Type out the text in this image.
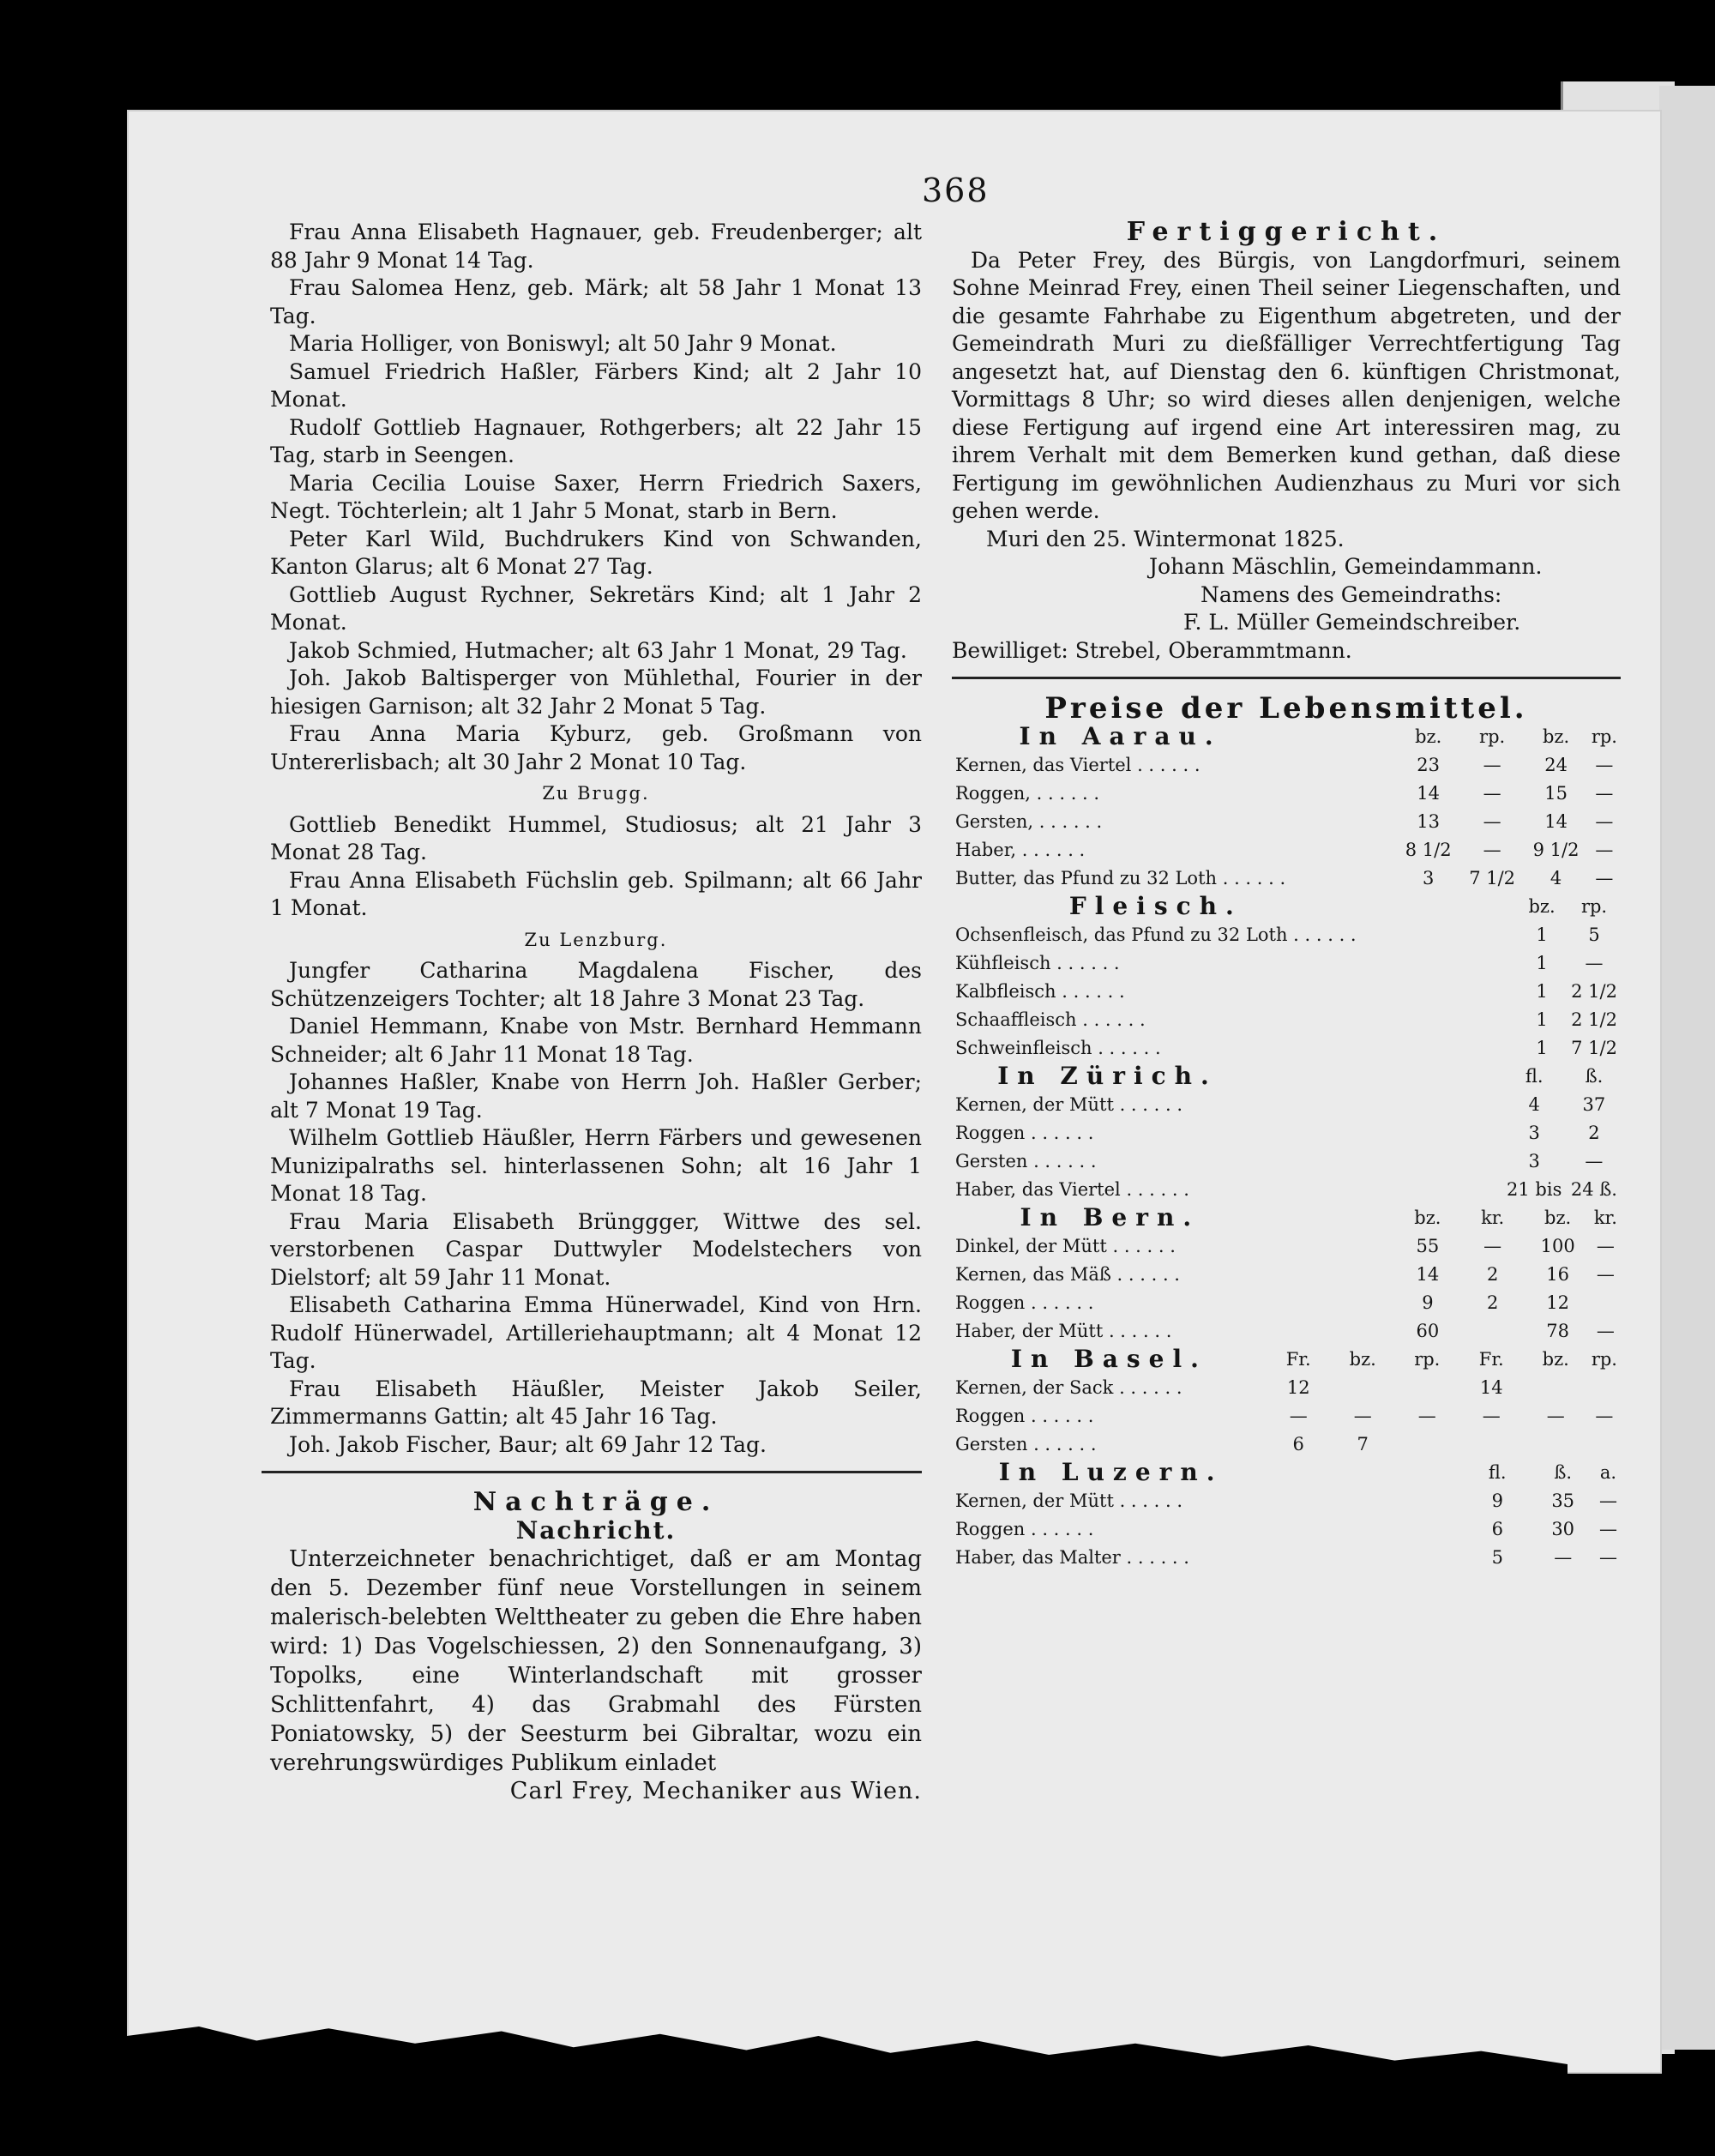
368

Frau Anna Elisabeth Hagnauer, geb. Freudenberger; alt 88 Jahr 9 Monat 14 Tag.

Frau Salomea Henz, geb. Märk; alt 58 Jahr 1 Monat 13 Tag.

Maria Holliger, von Boniswyl; alt 50 Jahr 9 Monat.

Samuel Friedrich Haßler, Färbers Kind; alt 2 Jahr 10 Monat.

Rudolf Gottlieb Hagnauer, Rothgerbers; alt 22 Jahr 15 Tag, starb in Seengen.

Maria Cecilia Louise Saxer, Herrn Friedrich Saxers, Negt. Töchterlein; alt 1 Jahr 5 Monat, starb in Bern.

Peter Karl Wild, Buchdrukers Kind von Schwanden, Kanton Glarus; alt 6 Monat 27 Tag.

Gottlieb August Rychner, Sekretärs Kind; alt 1 Jahr 2 Monat.

Jakob Schmied, Hutmacher; alt 63 Jahr 1 Monat, 29 Tag.

Joh. Jakob Baltisperger von Mühlethal, Fourier in der hiesigen Garnison; alt 32 Jahr 2 Monat 5 Tag.

Frau Anna Maria Kyburz, geb. Großmann von Untererlisbach; alt 30 Jahr 2 Monat 10 Tag.

Zu Brugg.

Gottlieb Benedikt Hummel, Studiosus; alt 21 Jahr 3 Monat 28 Tag.

Frau Anna Elisabeth Füchslin geb. Spilmann; alt 66 Jahr 1 Monat.

Zu Lenzburg.

Jungfer Catharina Magdalena Fischer, des Schützenzeigers Tochter; alt 18 Jahre 3 Monat 23 Tag.

Daniel Hemmann, Knabe von Mstr. Bernhard Hemmann Schneider; alt 6 Jahr 11 Monat 18 Tag.

Johannes Haßler, Knabe von Herrn Joh. Haßler Gerber; alt 7 Monat 19 Tag.

Wilhelm Gottlieb Häußler, Herrn Färbers und gewesenen Munizipalraths sel. hinterlassenen Sohn; alt 16 Jahr 1 Monat 18 Tag.

Frau Maria Elisabeth Brünggger, Wittwe des sel. verstorbenen Caspar Duttwyler Modelstechers von Dielstorf; alt 59 Jahr 11 Monat.

Elisabeth Catharina Emma Hünerwadel, Kind von Hrn. Rudolf Hünerwadel, Artilleriehauptmann; alt 4 Monat 12 Tag.

Frau Elisabeth Häußler, Meister Jakob Seiler, Zimmermanns Gattin; alt 45 Jahr 16 Tag.

Joh. Jakob Fischer, Baur; alt 69 Jahr 12 Tag.

Nachträge.

Nachricht.

Unterzeichneter benachrichtiget, daß er am Montag den 5. Dezember fünf neue Vorstellungen in seinem malerisch-belebten Welttheater zu geben die Ehre haben wird: 1) Das Vogelschiessen, 2) den Sonnenaufgang, 3) Topolks, eine Winterlandschaft mit grosser Schlittenfahrt, 4) das Grabmahl des Fürsten Poniatowsky, 5) der Seesturm bei Gibraltar, wozu ein verehrungswürdiges Publikum einladet

Carl Frey, Mechaniker aus Wien.

Fertiggericht.

Da Peter Frey, des Bürgis, von Langdorfmuri, seinem Sohne Meinrad Frey, einen Theil seiner Liegenschaften, und die gesamte Fahrhabe zu Eigenthum abgetreten, und der Gemeindrath Muri zu dießfälliger Verrechtfertigung Tag angesetzt hat, auf Dienstag den 6. künftigen Christmonat, Vormittags 8 Uhr; so wird dieses allen denjenigen, welche diese Fertigung auf irgend eine Art interessiren mag, zu ihrem Verhalt mit dem Bemerken kund gethan, daß diese Fertigung im gewöhnlichen Audienzhaus zu Muri vor sich gehen werde.

Muri den 25. Wintermonat 1825.

Johann Mäschlin, Gemeindammann.

Namens des Gemeindraths:

F. L. Müller Gemeindschreiber.

Bewilliget: Strebel, Oberammtmann.

Preise der Lebensmittel.

In Aarau.			bz.	rp.	bz.	rp.
Kernen, das Viertel . . . . . .			23	—	24	—
Roggen, . . . . . .			14	—	15	—
Gersten, . . . . . .			13	—	14	—
Haber, . . . . . .			8 1/2	—	9 1/2	—
Butter, das Pfund zu 32 Loth . . . . . .			3	7 1/2	4	—
Fleisch.					bz.	rp.
Ochsenfleisch, das Pfund zu 32 Loth . . . . . .					1	5
Kühfleisch . . . . . .					1	—
Kalbfleisch . . . . . .					1	2 1/2
Schaaffleisch . . . . . .					1	2 1/2
Schweinfleisch . . . . . .					1	7 1/2
In Zürich.					fl.	ß.
Kernen, der Mütt . . . . . .					4	37
Roggen . . . . . .					3	2
Gersten . . . . . .					3	—
Haber, das Viertel . . . . . .					21 bis	24 ß.
In Bern.			bz.	kr.	bz.	kr.
Dinkel, der Mütt . . . . . .			55	—	100	—
Kernen, das Mäß . . . . . .			14	2	16	—
Roggen . . . . . .			9	2	12	
Haber, der Mütt . . . . . .			60		78	—
In Basel.	Fr.	bz.	rp.	Fr.	bz.	rp.
Kernen, der Sack . . . . . .	12			14		
Roggen . . . . . .	—	—	—	—	—	—
Gersten . . . . . .	6	7				
In Luzern.				fl.	ß.	a.
Kernen, der Mütt . . . . . .				9	35	—
Roggen . . . . . .				6	30	—
Haber, das Malter . . . . . .				5	—	—
